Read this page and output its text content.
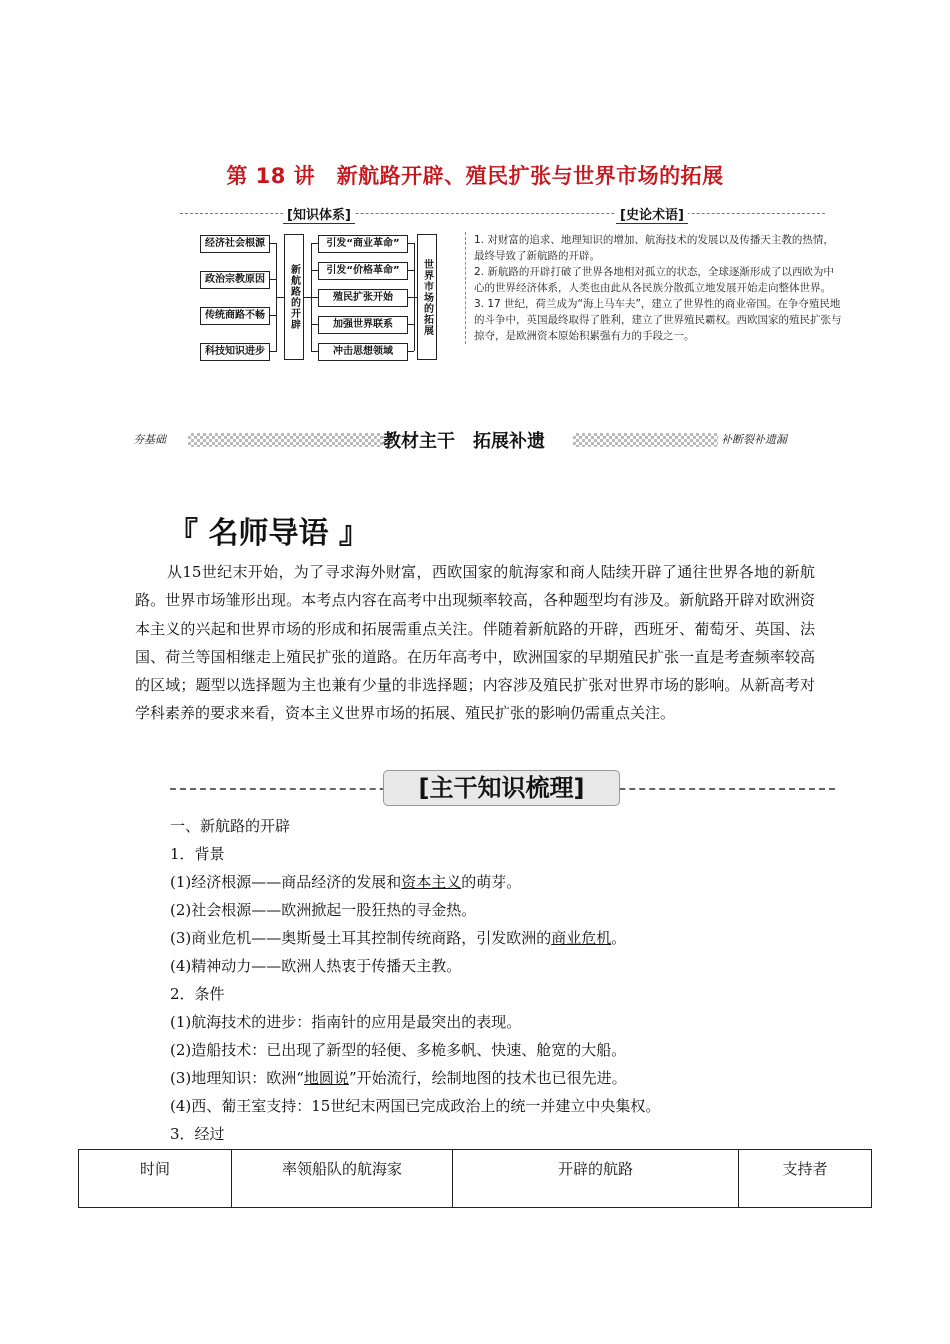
第 18 讲　新航路开辟、殖民扩张与世界市场的拓展
[知识体系]	[史论术语]
经济社会根源
政治宗教原因
传统商路不畅
科技知识进步
新航路的开辟
引发“商业革命”
引发“价格革命”
殖民扩张开始
加强世界联系
冲击思想领域
世界市场的拓展

1. 对财富的追求、地理知识的增加、航海技术的发展以及传播天主教的热情，最终导致了新航路的开辟。

2. 新航路的开辟打破了世界各地相对孤立的状态，全球逐渐形成了以西欧为中心的世界经济体系，人类也由此从各民族分散孤立地发展开始走向整体世界。

3. 17 世纪，荷兰成为“海上马车夫”，建立了世界性的商业帝国。在争夺殖民地的斗争中，英国最终取得了胜利，建立了世界殖民霸权。西欧国家的殖民扩张与掠夺，是欧洲资本原始积累强有力的手段之一。

夯基础	教材主干　拓展补遗	补断裂补遗漏
『 名师导语 』

从15世纪末开始，为了寻求海外财富，西欧国家的航海家和商人陆续开辟了通往世界各地的新航路。世界市场雏形出现。本考点内容在高考中出现频率较高，各种题型均有涉及。新航路开辟对欧洲资本主义的兴起和世界市场的形成和拓展需重点关注。伴随着新航路的开辟，西班牙、葡萄牙、英国、法国、荷兰等国相继走上殖民扩张的道路。在历年高考中，欧洲国家的早期殖民扩张一直是考查频率较高的区域；题型以选择题为主也兼有少量的非选择题；内容涉及殖民扩张对世界市场的影响。从新高考对学科素养的要求来看，资本主义世界市场的拓展、殖民扩张的影响仍需重点关注。

[主干知识梳理]
一、新航路的开辟
1．背景
(1)经济根源——商品经济的发展和资本主义的萌芽。
(2)社会根源——欧洲掀起一股狂热的寻金热。
(3)商业危机——奥斯曼土耳其控制传统商路，引发欧洲的商业危机。
(4)精神动力——欧洲人热衷于传播天主教。
2．条件
(1)航海技术的进步：指南针的应用是最突出的表现。
(2)造船技术：已出现了新型的轻便、多桅多帆、快速、舱宽的大船。
(3)地理知识：欧洲“地圆说”开始流行，绘制地图的技术也已很先进。
(4)西、葡王室支持：15世纪末两国已完成政治上的统一并建立中央集权。
3．经过
时间	率领船队的航海家	开辟的航路	支持者
